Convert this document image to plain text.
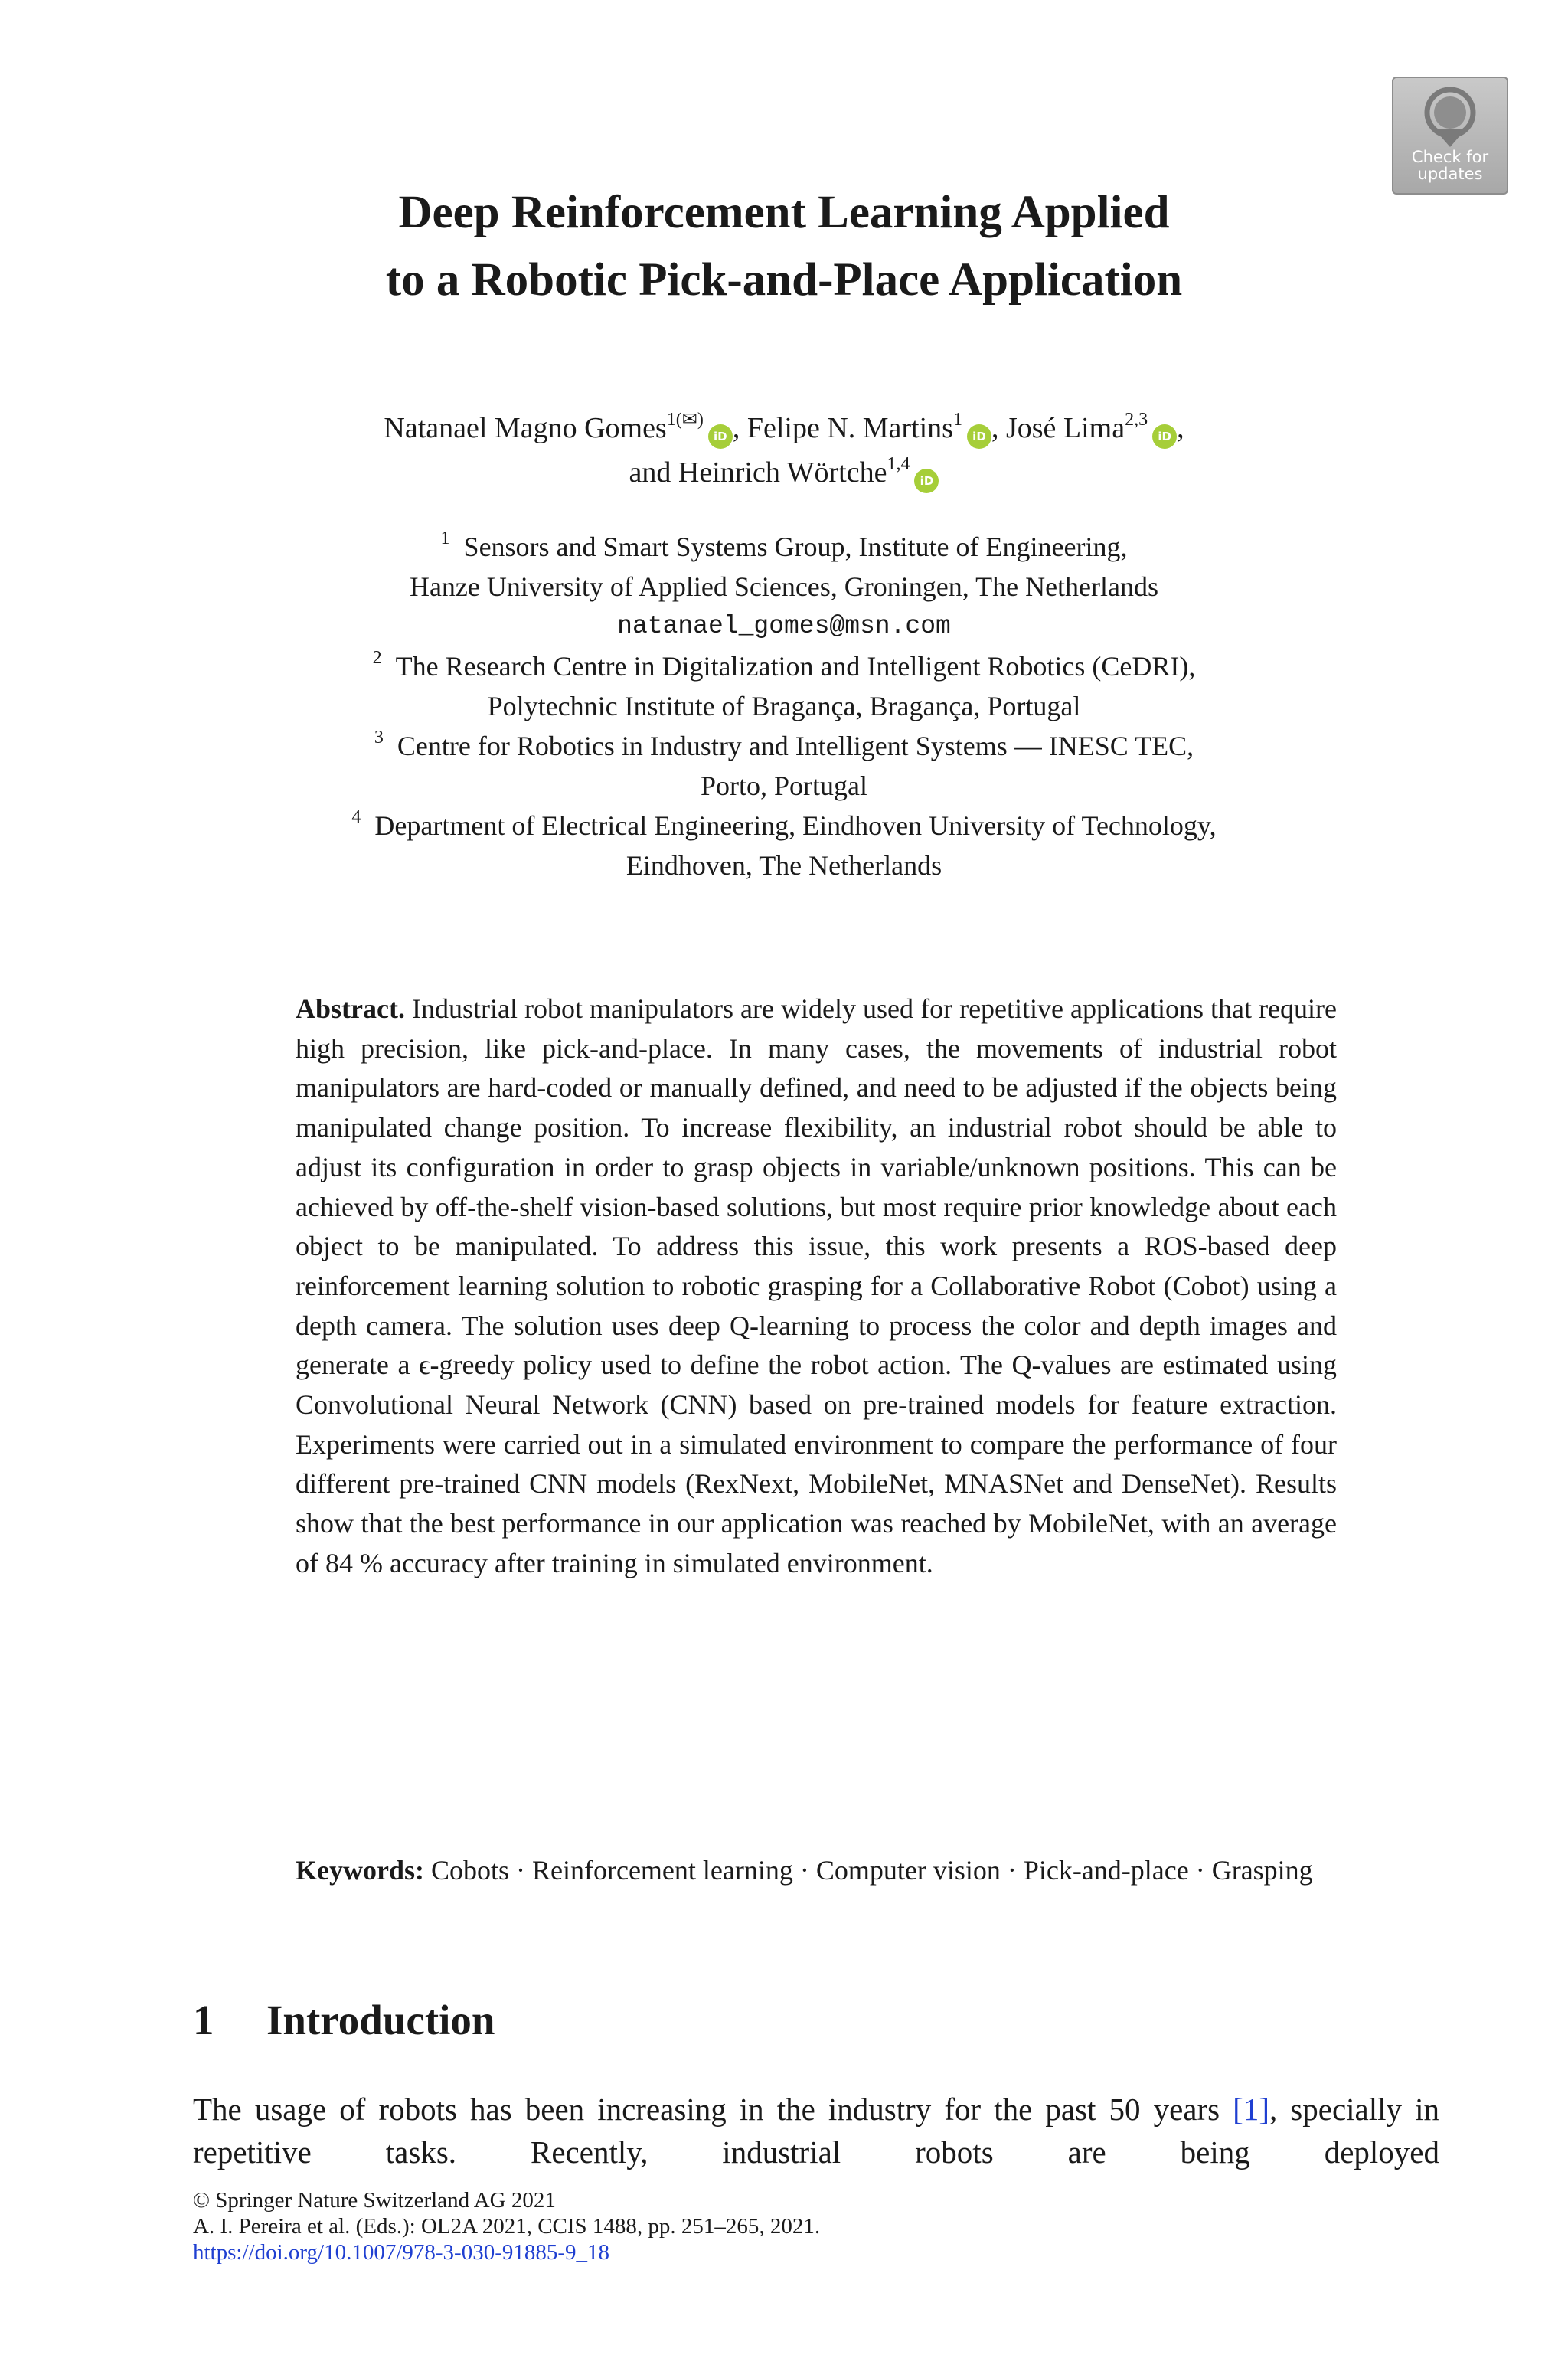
Check for
updates
Deep Reinforcement Learning Applied
to a Robotic Pick-and-Place Application
Natanael Magno Gomes$^{1(✉)}$iD , Felipe N. Martins$^1$iD , José Lima$^{2,3}$iD ,
and Heinrich Wörtche$^{1,4}$iD
$^1$ Sensors and Smart Systems Group, Institute of Engineering,
Hanze University of Applied Sciences, Groningen, The Netherlands
natanael_gomes@msn.com
$^2$ The Research Centre in Digitalization and Intelligent Robotics (CeDRI),
Polytechnic Institute of Bragança, Bragança, Portugal
$^3$ Centre for Robotics in Industry and Intelligent Systems — INESC TEC,
Porto, Portugal
$^4$ Department of Electrical Engineering, Eindhoven University of Technology,
Eindhoven, The Netherlands
Abstract. Industrial robot manipulators are widely used for repetitive applications that require high precision, like pick-and-place. In many cases, the movements of industrial robot manipulators are hard-coded or manually defined, and need to be adjusted if the objects being manipulated change position. To increase flexibility, an industrial robot should be able to adjust its configuration in order to grasp objects in variable/unknown positions. This can be achieved by off-the-shelf vision-based solutions, but most require prior knowledge about each object to be manipulated. To address this issue, this work presents a ROS-based deep reinforcement learning solution to robotic grasping for a Collaborative Robot (Cobot) using a depth camera. The solution uses deep Q-learning to process the color and depth images and generate a ϵ-greedy policy used to define the robot action. The Q-values are estimated using Convolutional Neural Network (CNN) based on pre-trained models for feature extraction. Experiments were carried out in a simulated environment to compare the performance of four different pre-trained CNN models (RexNext, MobileNet, MNASNet and DenseNet). Results show that the best performance in our application was reached by MobileNet, with an average of 84 % accuracy after training in simulated environment.
Keywords: Cobots · Reinforcement learning · Computer vision · Pick-and-place · Grasping
1 Introduction
The usage of robots has been increasing in the industry for the past 50 years [1], specially in repetitive tasks. Recently, industrial robots are being deployed
© Springer Nature Switzerland AG 2021
A. I. Pereira et al. (Eds.): OL2A 2021, CCIS 1488, pp. 251–265, 2021.
https://doi.org/10.1007/978-3-030-91885-9_18
